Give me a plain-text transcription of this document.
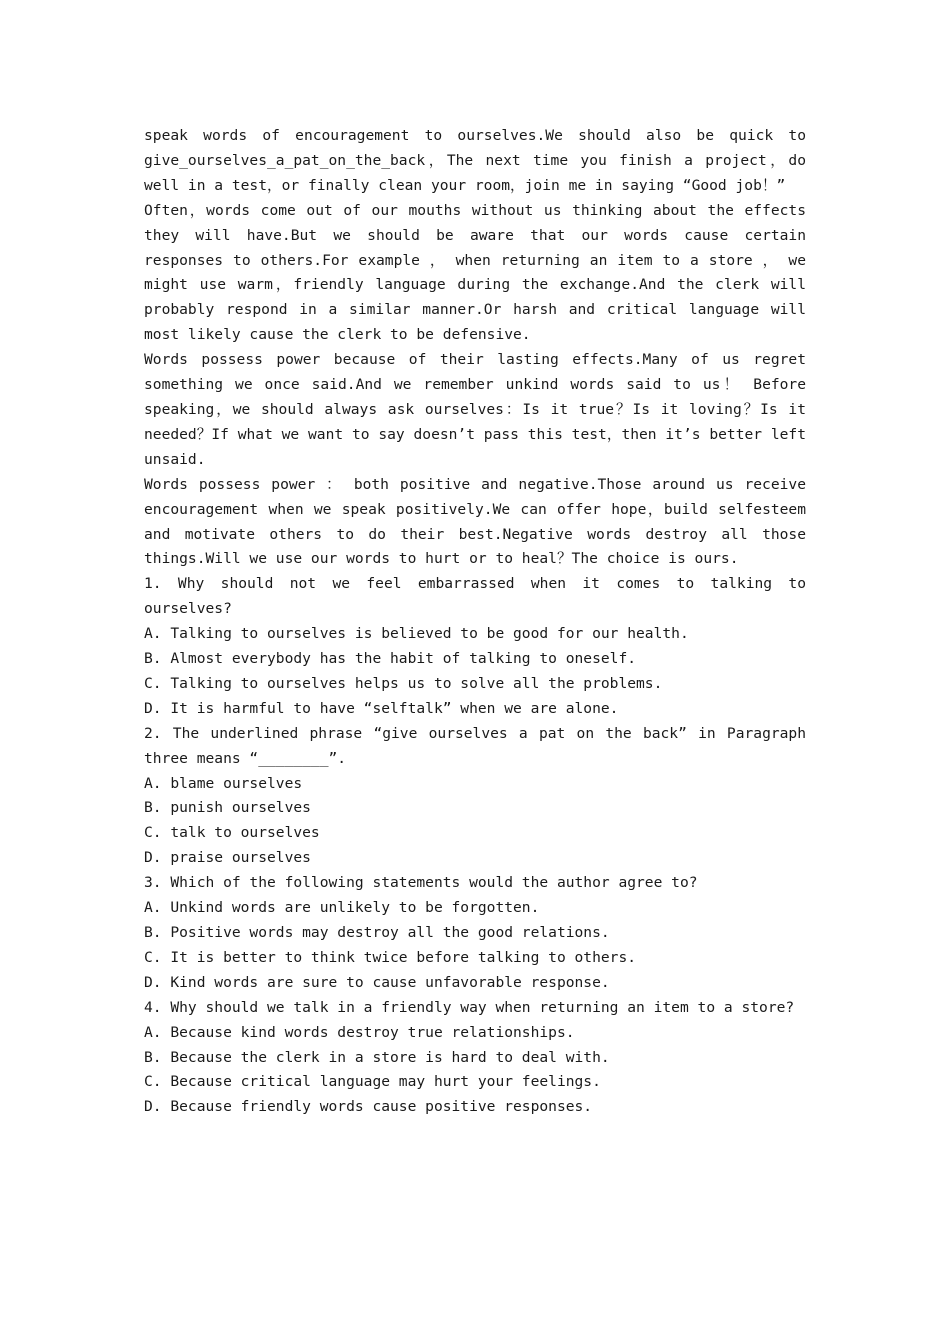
speak words of encouragement to ourselves.We should also be quick to give_ourselves_a_pat_on_the_back，The next time you finish a project，do well in a test，or finally clean your room，join me in saying “Good job！”

Often，words come out of our mouths without us thinking about the effects they will have.But we should be aware that our words cause certain responses to others.For example ， when returning an item to a store ， we might use warm，friendly language during the exchange.And the clerk will probably respond in a similar manner.Or harsh and critical language will most likely cause the clerk to be defensive.

Words possess power because of their lasting effects.Many of us regret something we once said.And we remember unkind words said to us！ Before speaking，we should always ask ourselves：Is it true？Is it loving？Is it needed？If what we want to say doesn’t pass this test，then it’s better left unsaid.

Words possess power ： both positive and negative.Those around us receive encouragement when we speak positively.We can offer hope，build selfesteem and motivate others to do their best.Negative words destroy all those things.Will we use our words to hurt or to heal？The choice is ours.

1. Why should not we feel embarrassed when it comes to talking to ourselves?

A. Talking to ourselves is believed to be good for our health.

B. Almost everybody has the habit of talking to oneself.

C. Talking to ourselves helps us to solve all the problems.

D. It is harmful to have “selftalk” when we are alone.

2. The underlined phrase “give ourselves a pat on the back” in Paragraph three means “________”.

A. blame ourselves

B. punish ourselves

C. talk to ourselves

D. praise ourselves

3. Which of the following statements would the author agree to?

A. Unkind words are unlikely to be forgotten.

B. Positive words may destroy all the good relations.

C. It is better to think twice before talking to others.

D. Kind words are sure to cause unfavorable response.

4. Why should we talk in a friendly way when returning an item to a store?

A. Because kind words destroy true relationships.

B. Because the clerk in a store is hard to deal with.

C. Because critical language may hurt your feelings.

D. Because friendly words cause positive responses.
